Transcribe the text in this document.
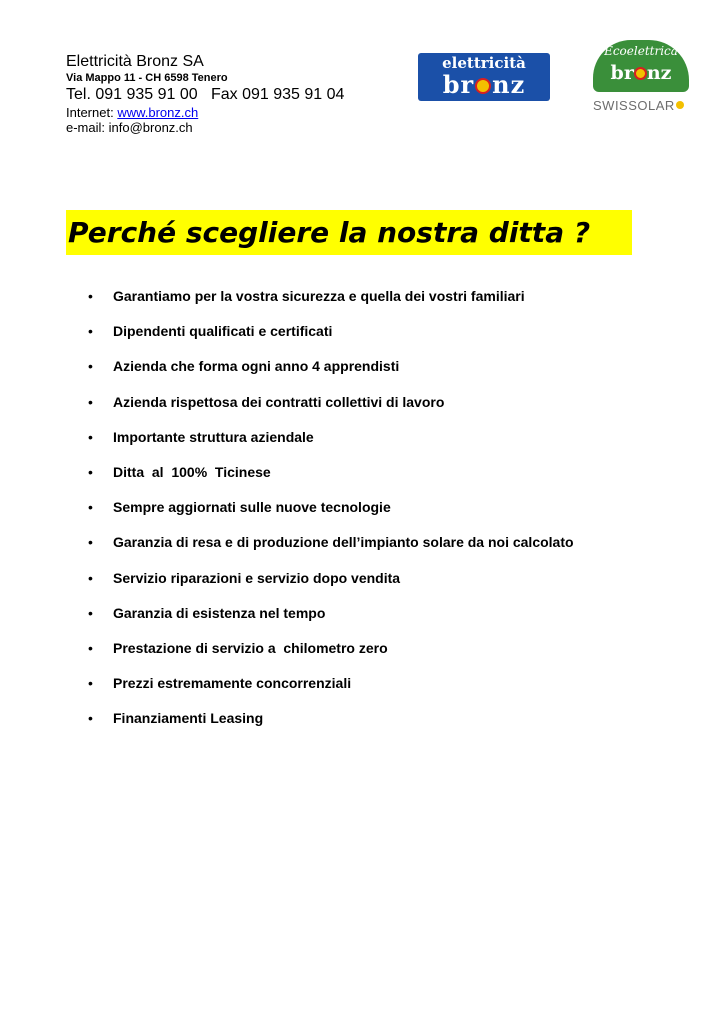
Elettricità Bronz SA
Via Mappo 11 - CH 6598 Tenero
Tel. 091 935 91 00   Fax 091 935 91 04
Internet: www.bronz.ch
e-mail: info@bronz.ch
elettricità
br nz
Ecoelettrica
br nz
SWISSOLAR
Perché scegliere la nostra ditta ?
• Garantiamo per la vostra sicurezza e quella dei vostri familiari
• Dipendenti qualificati e certificati
• Azienda che forma ogni anno 4 apprendisti
• Azienda rispettosa dei contratti collettivi di lavoro
• Importante struttura aziendale
• Ditta  al  100%  Ticinese
• Sempre aggiornati sulle nuove tecnologie
• Garanzia di resa e di produzione dell’impianto solare da noi calcolato
• Servizio riparazioni e servizio dopo vendita
• Garanzia di esistenza nel tempo
• Prestazione di servizio a  chilometro zero
• Prezzi estremamente concorrenziali
• Finanziamenti Leasing
